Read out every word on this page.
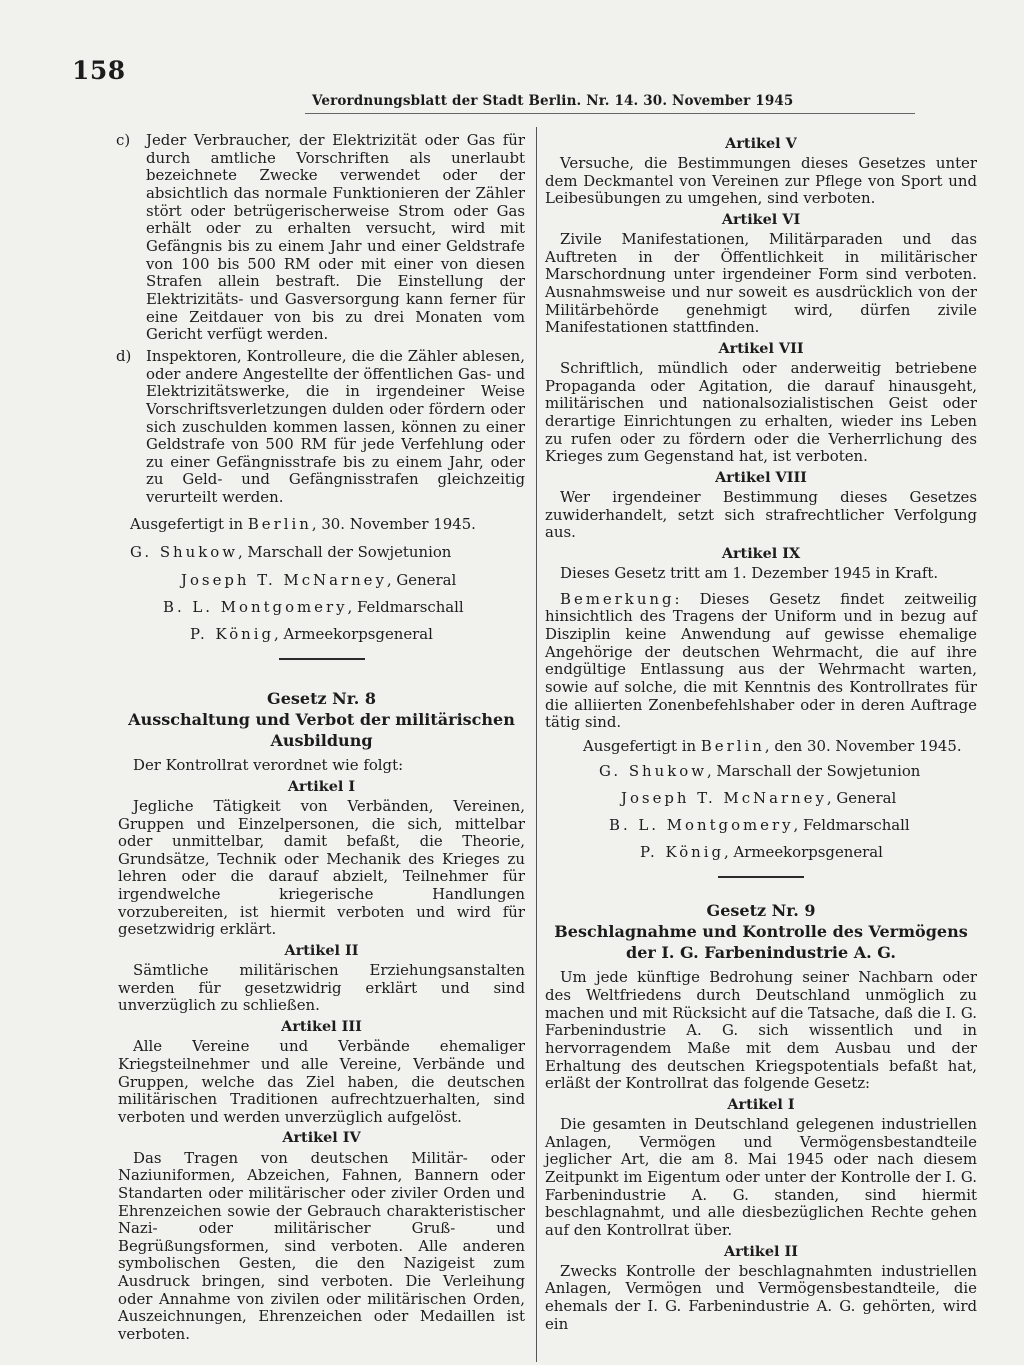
158
Verordnungsblatt der Stadt Berlin. Nr. 14. 30. November 1945
c)	Jeder Verbraucher, der Elektrizität oder Gas für durch amtliche Vorschriften als unerlaubt bezeichnete Zwecke verwendet oder der absichtlich das normale Funktionieren der Zähler stört oder betrügerischerweise Strom oder Gas erhält oder zu erhalten versucht, wird mit Gefängnis bis zu einem Jahr und einer Geldstrafe von 100 bis 500 RM oder mit einer von diesen Strafen allein bestraft. Die Einstellung der Elektrizitäts- und Gasversorgung kann ferner für eine Zeitdauer von bis zu drei Monaten vom Gericht verfügt werden.
d) Inspektoren, Kontrolleure, die die Zähler ablesen, oder andere Angestellte der öffentlichen Gas- und Elektrizitätswerke, die in irgendeiner Weise Vorschriftsverletzungen dulden oder fördern oder sich zuschulden kommen lassen, können zu einer Geldstrafe von 500 RM für jede Verfehlung oder zu einer Gefängnisstrafe bis zu einem Jahr, oder zu Geld- und Gefängnisstrafen gleichzeitig verurteilt werden.

Ausgefertigt in Berlin, 30. November 1945.

G. Shukow, Marschall der Sowjetunion
Joseph T. McNarney, General
B. L. Montgomery, Feldmarschall
P. König, Armeekorpsgeneral
Gesetz Nr. 8
Ausschaltung und Verbot der militärischen Ausbildung

Der Kontrollrat verordnet wie folgt:

Artikel I

Jegliche Tätigkeit von Verbänden, Vereinen, Gruppen und Einzelpersonen, die sich, mittelbar oder unmittelbar, damit befaßt, die Theorie, Grundsätze, Technik oder Mechanik des Krieges zu lehren oder die darauf abzielt, Teilnehmer für irgendwelche kriegerische Handlungen vorzubereiten, ist hiermit verboten und wird für gesetzwidrig erklärt.

Artikel II

Sämtliche militärischen Erziehungsanstalten werden für gesetzwidrig erklärt und sind unverzüglich zu schließen.

Artikel III

Alle Vereine und Verbände ehemaliger Kriegsteilnehmer und alle Vereine, Verbände und Gruppen, welche das Ziel haben, die deutschen militärischen Traditionen aufrechtzuerhalten, sind verboten und werden unverzüglich aufgelöst.

Artikel IV

Das Tragen von deutschen Militär- oder Naziuniformen, Abzeichen, Fahnen, Bannern oder Standarten oder militärischer oder ziviler Orden und Ehrenzeichen sowie der Gebrauch charakteristischer Nazi- oder militärischer Gruß- und Begrüßungsformen, sind verboten. Alle anderen symbolischen Gesten, die den Nazigeist zum Ausdruck bringen, sind verboten. Die Verleihung oder Annahme von zivilen oder militärischen Orden, Auszeichnungen, Ehrenzeichen oder Medaillen ist verboten.

Artikel V

Versuche, die Bestimmungen dieses Gesetzes unter dem Deckmantel von Vereinen zur Pflege von Sport und Leibesübungen zu umgehen, sind verboten.

Artikel VI

Zivile Manifestationen, Militärparaden und das Auftreten in der Öffentlichkeit in militärischer Marschordnung unter irgendeiner Form sind verboten. Ausnahmsweise und nur soweit es ausdrücklich von der Militärbehörde genehmigt wird, dürfen zivile Manifestationen stattfinden.

Artikel VII

Schriftlich, mündlich oder anderweitig betriebene Propaganda oder Agitation, die darauf hinausgeht, militärischen und nationalsozialistischen Geist oder derartige Einrichtungen zu erhalten, wieder ins Leben zu rufen oder zu fördern oder die Verherrlichung des Krieges zum Gegenstand hat, ist verboten.

Artikel VIII

Wer irgendeiner Bestimmung dieses Gesetzes zuwiderhandelt, setzt sich strafrechtlicher Verfolgung aus.

Artikel IX

Dieses Gesetz tritt am 1. Dezember 1945 in Kraft.

Bemerkung: Dieses Gesetz findet zeitweilig hinsichtlich des Tragens der Uniform und in bezug auf Disziplin keine Anwendung auf gewisse ehemalige Angehörige der deutschen Wehrmacht, die auf ihre endgültige Entlassung aus der Wehrmacht warten, sowie auf solche, die mit Kenntnis des Kontrollrates für die alliierten Zonenbefehlshaber oder in deren Auftrage tätig sind.

Ausgefertigt in Berlin, den 30. November 1945.

G. Shukow, Marschall der Sowjetunion
Joseph T. McNarney, General
B. L. Montgomery, Feldmarschall
P. König, Armeekorpsgeneral
Gesetz Nr. 9
Beschlagnahme und Kontrolle des Vermögens der I. G. Farbenindustrie A. G.

Um jede künftige Bedrohung seiner Nachbarn oder des Weltfriedens durch Deutschland unmöglich zu machen und mit Rücksicht auf die Tatsache, daß die I. G. Farbenindustrie A. G. sich wissentlich und in hervorragendem Maße mit dem Ausbau und der Erhaltung des deutschen Kriegspotentials befaßt hat, erläßt der Kontrollrat das folgende Gesetz:

Artikel I

Die gesamten in Deutschland gelegenen industriellen Anlagen, Vermögen und Vermögensbestandteile jeglicher Art, die am 8. Mai 1945 oder nach diesem Zeitpunkt im Eigentum oder unter der Kontrolle der I. G. Farbenindustrie A. G. standen, sind hiermit beschlagnahmt, und alle diesbezüglichen Rechte gehen auf den Kontrollrat über.

Artikel II

Zwecks Kontrolle der beschlagnahmten industriellen Anlagen, Vermögen und Vermögensbestandteile, die ehemals der I. G. Farbenindustrie A. G. gehörten, wird ein
